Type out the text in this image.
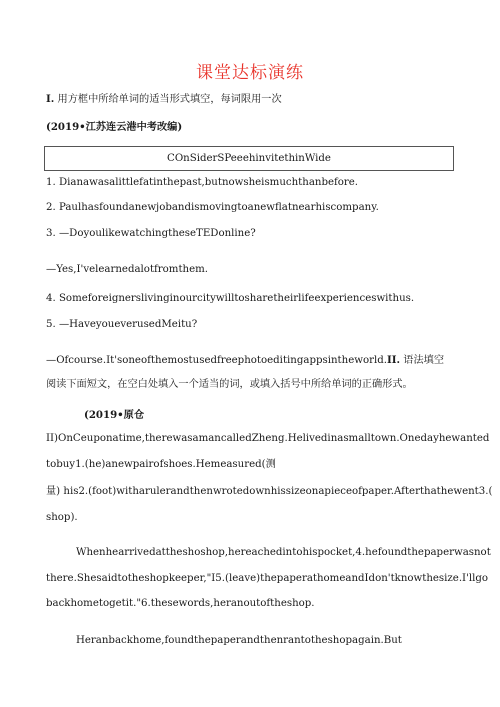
课堂达标演练
I. 用方框中所给单词的适当形式填空，每词限用一次
(2019•江苏连云港中考改编)
COnSiderSPeeehinvitethinWide
1. Dianawasalittlefatinthepast,butnowsheismuchthanbefore.
2. Paulhasfoundanewjobandismovingtoanewflatnearhiscompany.
3. —DoyoulikewatchingtheseTEDonline?
—Yes,I'velearnedalotfromthem.
4. Someforeignerslivinginourcitywilltosharetheirlifeexperienceswithus.
5. —HaveyoueverusedMeitu?
—Ofcourse.It'soneofthemostusedfreephotoeditingappsintheworld.II. 语法填空
阅读下面短文，在空白处填入一个适当的词，或填入括号中所给单词的正确形式。
(2019•原仓
II)OnCeuponatime,therewasamancalledZheng.Helivedinasmalltown.Onedayhewanted
tobuy1.(he)anewpairofshoes.Hemeasured(测
量) his2.(foot)witharulerandthenwrotedownhissizeonapieceofpaper.Afterthathewent3.(
shop).
Whenhearrivedattheshoshop,hereachedintohispocket,4.hefoundthepaperwasnot
there.Shesaidtotheshopkeeper,"I5.(leave)thepaperathomeandIdon'tknowthesize.I'llgo
backhometogetit."6.thesewords,heranoutoftheshop.
Heranbackhome,foundthepaperandthenrantotheshopagain.But
